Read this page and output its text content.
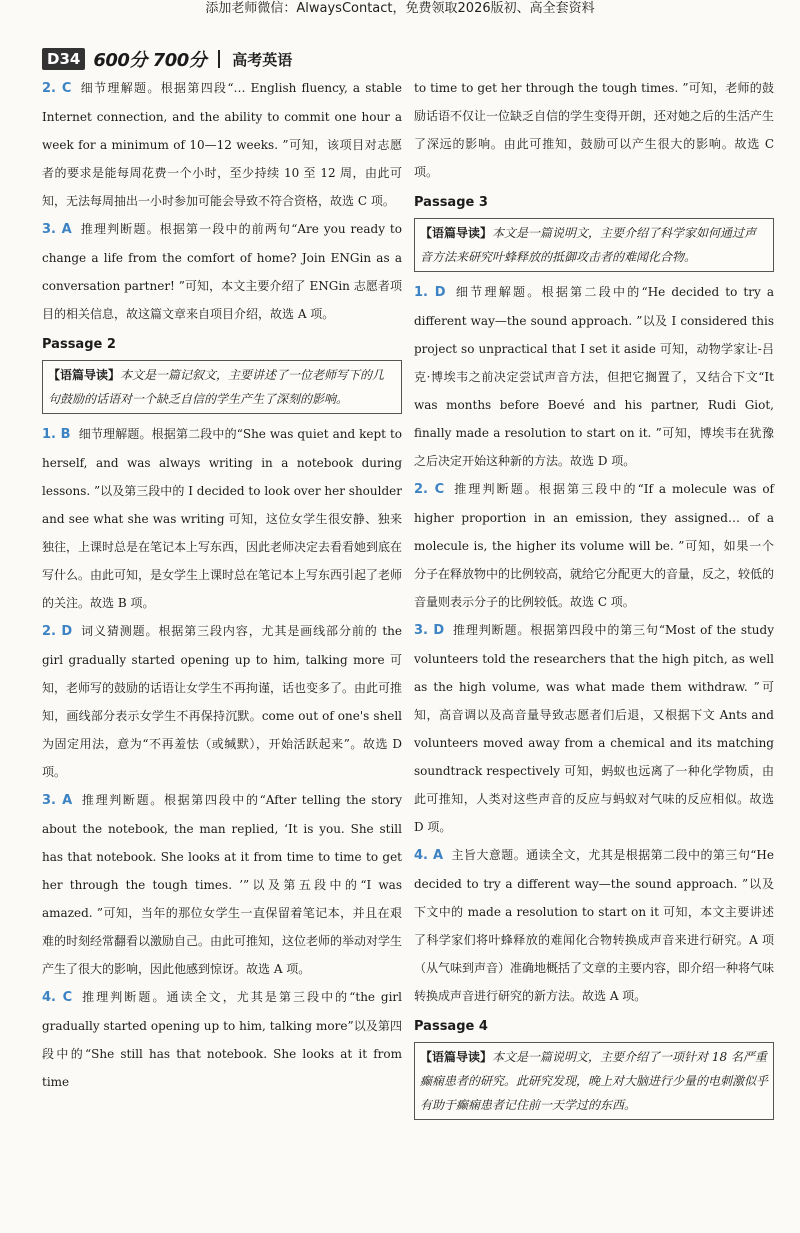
添加老师微信：AlwaysContact，免费领取2026版初、高全套资料
D34 600分 700分 高考英语

2. C 细节理解题。根据第四段“… English fluency, a stable Internet connection, and the ability to commit one hour a week for a minimum of 10—12 weeks. ”可知，该项目对志愿者的要求是能每周花费一个小时，至少持续 10 至 12 周，由此可知，无法每周抽出一小时参加可能会导致不符合资格，故选 C 项。

3. A 推理判断题。根据第一段中的前两句“Are you ready to change a life from the comfort of home? Join ENGin as a conversation partner! ”可知，本文主要介绍了 ENGin 志愿者项目的相关信息，故这篇文章来自项目介绍，故选 A 项。

Passage 2
【语篇导读】本文是一篇记叙文，主要讲述了一位老师写下的几句鼓励的话语对一个缺乏自信的学生产生了深刻的影响。

1. B 细节理解题。根据第二段中的“She was quiet and kept to herself, and was always writing in a notebook during lessons. ”以及第三段中的 I decided to look over her shoulder and see what she was writing 可知，这位女学生很安静、独来独往，上课时总是在笔记本上写东西，因此老师决定去看看她到底在写什么。由此可知，是女学生上课时总在笔记本上写东西引起了老师的关注。故选 B 项。

2. D 词义猜测题。根据第三段内容，尤其是画线部分前的 the girl gradually started opening up to him, talking more 可知，老师写的鼓励的话语让女学生不再拘谨，话也变多了。由此可推知，画线部分表示女学生不再保持沉默。come out of one's shell 为固定用法，意为“不再羞怯（或缄默），开始活跃起来”。故选 D 项。

3. A 推理判断题。根据第四段中的“After telling the story about the notebook, the man replied, ‘It is you. She still has that notebook. She looks at it from time to time to get her through the tough times. ’”以及第五段中的“I was amazed. ”可知，当年的那位女学生一直保留着笔记本，并且在艰难的时刻经常翻看以激励自己。由此可推知，这位老师的举动对学生产生了很大的影响，因此他感到惊讶。故选 A 项。

4. C 推理判断题。通读全文，尤其是第三段中的“the girl gradually started opening up to him, talking more”以及第四段中的“She still has that notebook. She looks at it from time

to time to get her through the tough times. ”可知，老师的鼓励话语不仅让一位缺乏自信的学生变得开朗，还对她之后的生活产生了深远的影响。由此可推知，鼓励可以产生很大的影响。故选 C 项。

Passage 3
【语篇导读】本文是一篇说明文，主要介绍了科学家如何通过声音方法来研究叶蜂释放的抵御攻击者的难闻化合物。

1. D 细节理解题。根据第二段中的“He decided to try a different way—the sound approach. ”以及 I considered this project so unpractical that I set it aside 可知，动物学家让-吕克·博埃韦之前决定尝试声音方法，但把它搁置了，又结合下文“It was months before Boevé and his partner, Rudi Giot, finally made a resolution to start on it. ”可知，博埃韦在犹豫之后决定开始这种新的方法。故选 D 项。

2. C 推理判断题。根据第三段中的“If a molecule was of higher proportion in an emission, they assigned… of a molecule is, the higher its volume will be. ”可知，如果一个分子在释放物中的比例较高，就给它分配更大的音量，反之，较低的音量则表示分子的比例较低。故选 C 项。

3. D 推理判断题。根据第四段中的第三句“Most of the study volunteers told the researchers that the high pitch, as well as the high volume, was what made them withdraw. ”可知，高音调以及高音量导致志愿者们后退，又根据下文 Ants and volunteers moved away from a chemical and its matching soundtrack respectively 可知，蚂蚁也远离了一种化学物质，由此可推知，人类对这些声音的反应与蚂蚁对气味的反应相似。故选 D 项。

4. A 主旨大意题。通读全文，尤其是根据第二段中的第三句“He decided to try a different way—the sound approach. ”以及下文中的 made a resolution to start on it 可知，本文主要讲述了科学家们将叶蜂释放的难闻化合物转换成声音来进行研究。A 项（从气味到声音）准确地概括了文章的主要内容，即介绍一种将气味转换成声音进行研究的新方法。故选 A 项。

Passage 4
【语篇导读】本文是一篇说明文，主要介绍了一项针对 18 名严重癫痫患者的研究。此研究发现，晚上对大脑进行少量的电刺激似乎有助于癫痫患者记住前一天学过的东西。
